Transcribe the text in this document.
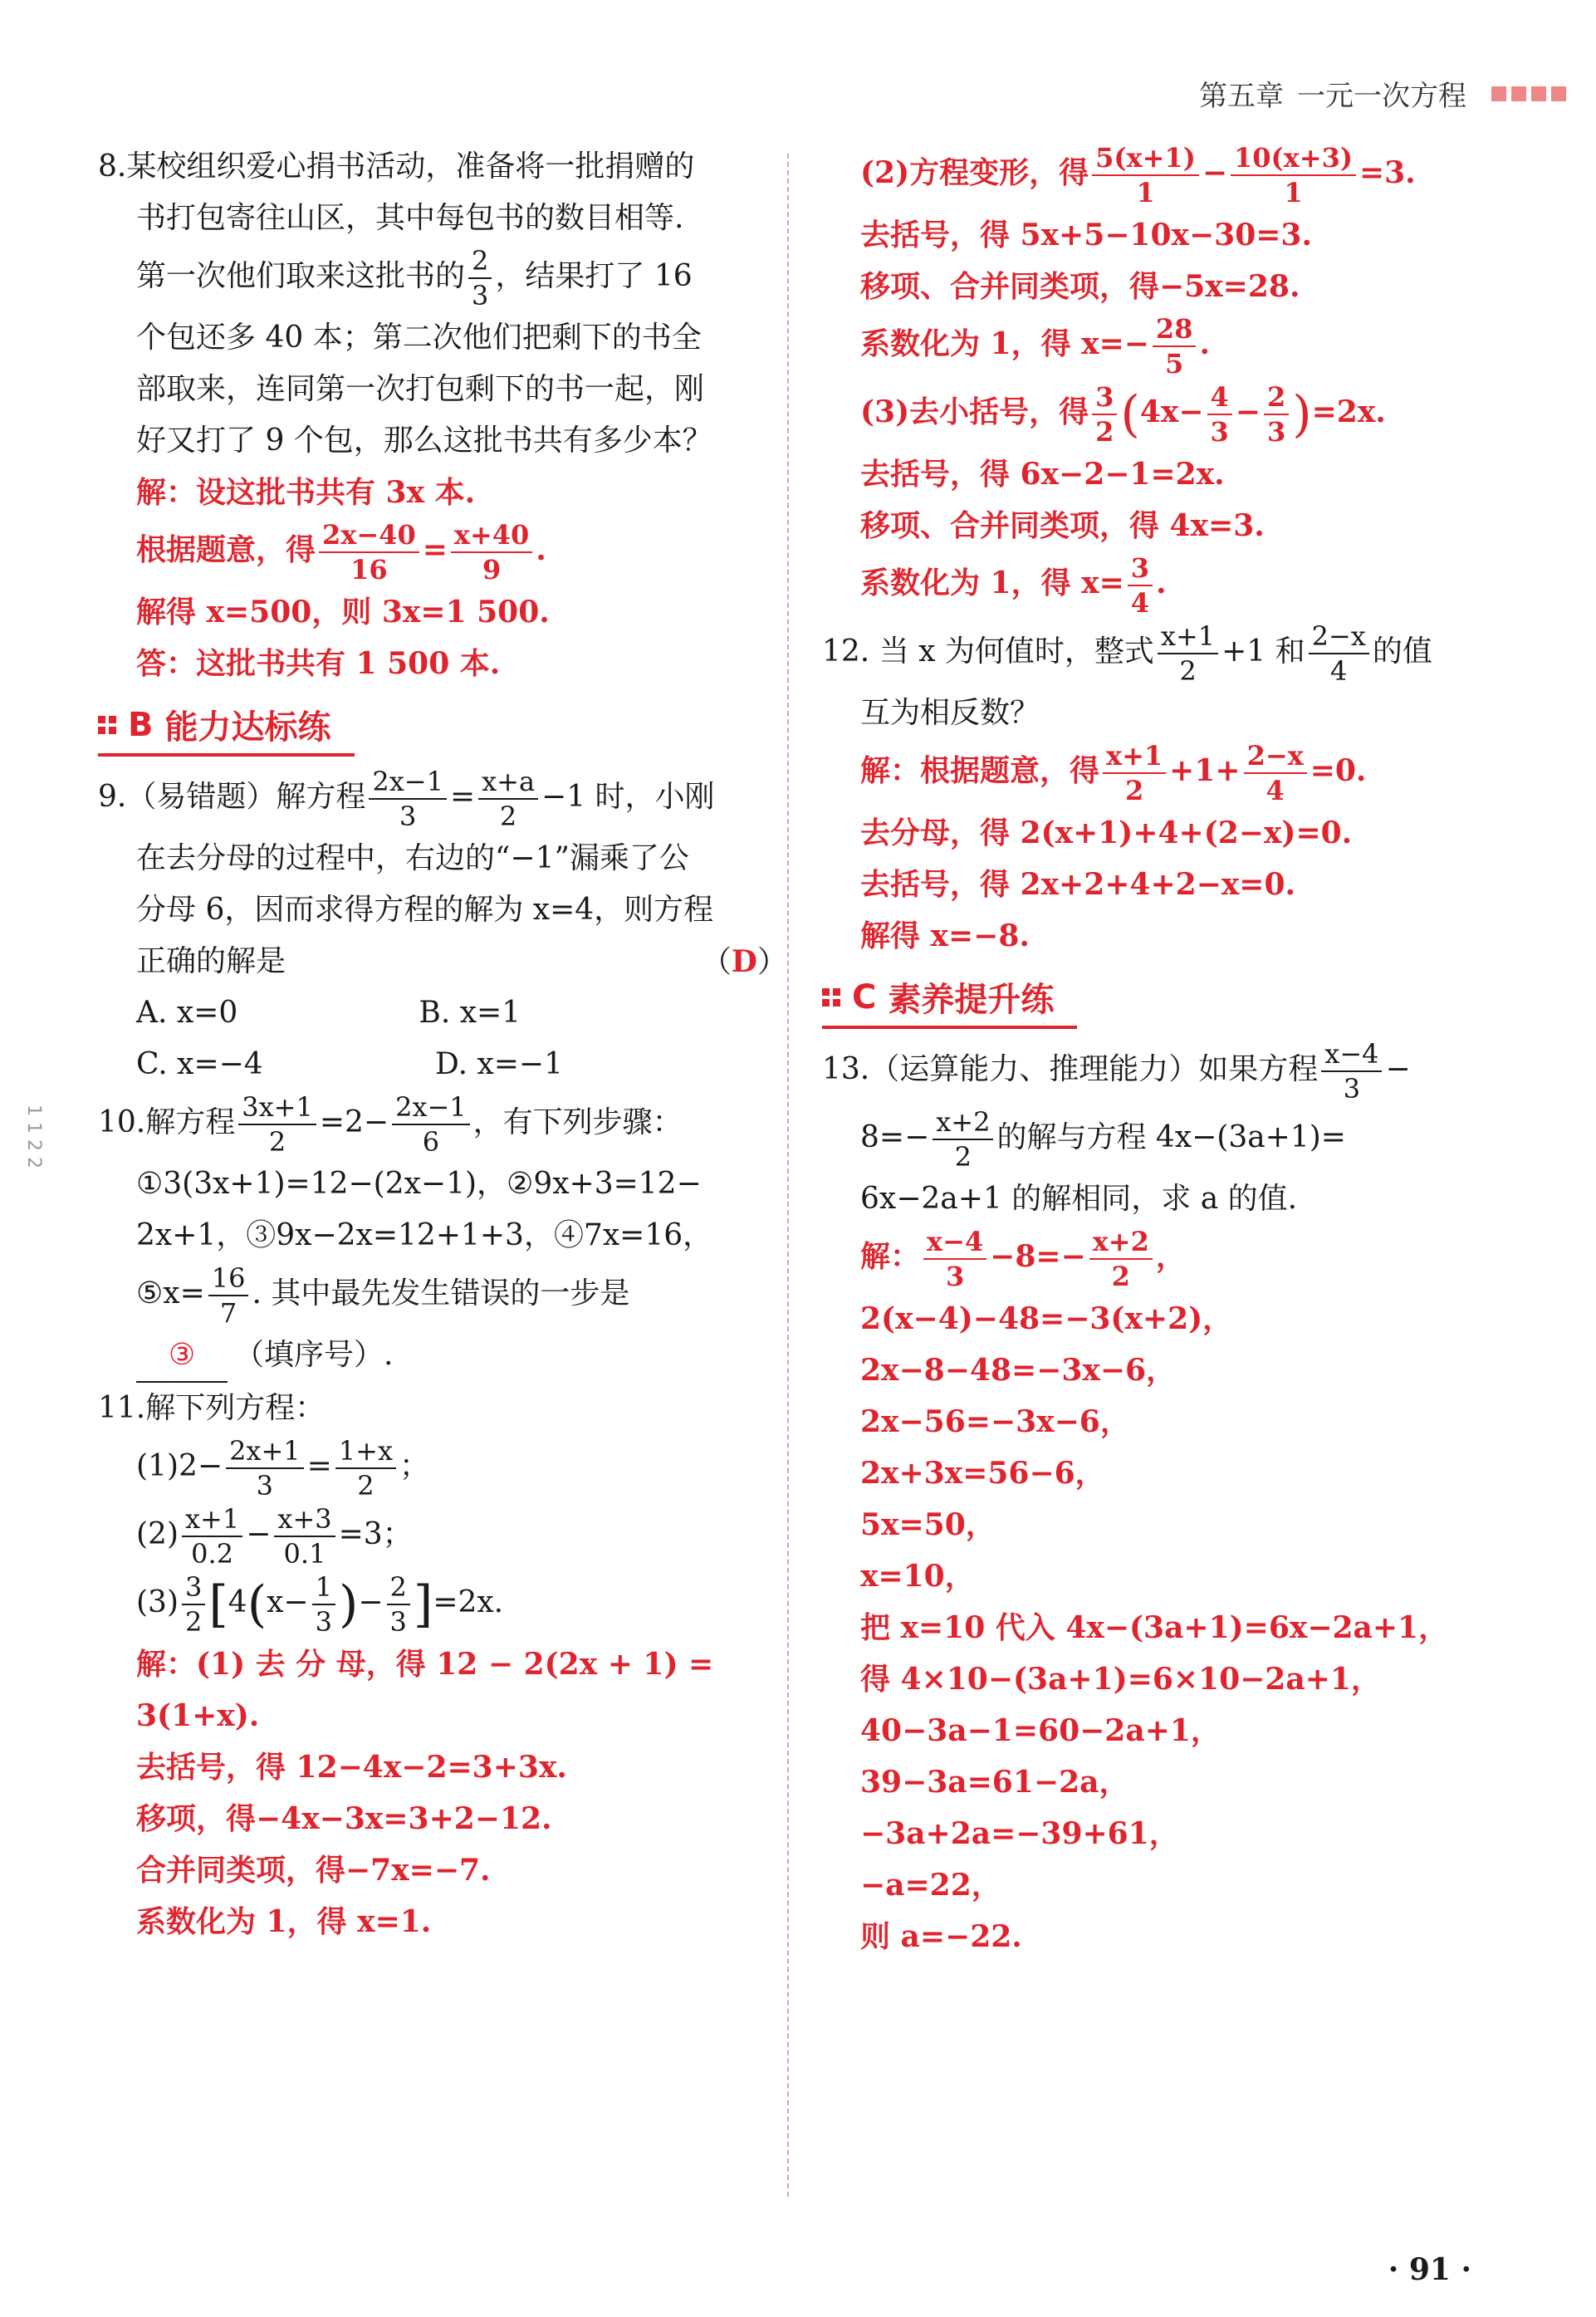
第五章 一元一次方程
1 1 2 2
8.某校组织爱心捐书活动，准备将一批捐赠的
书打包寄往山区，其中每包书的数目相等.
第一次他们取来这批书的 $\frac{2}{3}$ ，结果打了 16
个包还多 40 本；第二次他们把剩下的书全
部取来，连同第一次打包剩下的书一起，刚
好又打了 9 个包，那么这批书共有多少本？
解：设这批书共有 3x 本.
根据题意，得 $\frac{2x-40}{16} = \frac{x+40}{9}$ .
解得 x=500，则 3x=1 500.
答：这批书共有 1 500 本.
B 能力达标练
9.（易错题）解方程 $\frac{2x-1}{3} = \frac{x+a}{2} -1$ 时，小刚
在去分母的过程中，右边的“−1”漏乘了公
分母 6，因而求得方程的解为 x=4，则方程
正确的解是	（D）
A. x=0	B. x=1
C. x=−4	D. x=−1
10.解方程 $\frac{3x+1}{2} =2- \frac{2x-1}{6}$ ，有下列步骤：
①3(3x+1)=12−(2x−1)，②9x+3=12−
2x+1，③9x−2x=12+1+3，④7x=16，
⑤x= $\frac{16}{7}$ . 其中最先发生错误的一步是
③ （填序号）.
11.解下列方程：
$(1)2- \frac{2x+1}{3} = \frac{1+x}{2}$ ；
$(2) \frac{x+1}{0.2} - \frac{x+3}{0.1} =3$；
$(3) \frac{3}{2} [4(x- \frac{1}{3}$ )− $\frac{2}{3} ]=2x$.
解：(1) 去 分 母，得 12 − 2(2x + 1) =
3(1+x).
去括号，得 12−4x−2=3+3x.
移项，得−4x−3x=3+2−12.
合并同类项，得−7x=−7.
系数化为 1，得 x=1.
(2)方程变形，得 $\frac{5(x+1)}{1} - \frac{10(x+3)}{1} =3$.
去括号，得 5x+5−10x−30=3.
移项、合并同类项，得−5x=28.
系数化为 1，得 $x=- \frac{28}{5}$ .
(3)去小括号，得 $\frac{3}{2} (4x- \frac{4}{3} - \frac{2}{3} )=2x$.
去括号，得 6x−2−1=2x.
移项、合并同类项，得 4x=3.
系数化为 1，得 $x= \frac{3}{4}$ .
12. 当 x 为何值时，整式 $\frac{x+1}{2} +1$ 和 $\frac{2-x}{4}$ 的值
互为相反数？
解：根据题意，得 $\frac{x+1}{2} +1+ \frac{2-x}{4} =0$.
去分母，得 2(x+1)+4+(2−x)=0.
去括号，得 2x+2+4+2−x=0.
解得 x=−8.
C 素养提升练
13.（运算能力、推理能力）如果方程 $\frac{x-4}{3}$ −
$8=- \frac{x+2}{2}$ 的解与方程 4x−(3a+1)=
6x−2a+1 的解相同，求 a 的值.
解： $\frac{x-4}{3} -8=- \frac{x+2}{2}$ ，
2(x−4)−48=−3(x+2)，
2x−8−48=−3x−6，
2x−56=−3x−6，
2x+3x=56−6，
5x=50，
x=10，
把 x=10 代入 4x−(3a+1)=6x−2a+1，
得 4×10−(3a+1)=6×10−2a+1，
40−3a−1=60−2a+1，
39−3a=61−2a，
−3a+2a=−39+61，
−a=22，
则 a=−22.
· 91 ·
